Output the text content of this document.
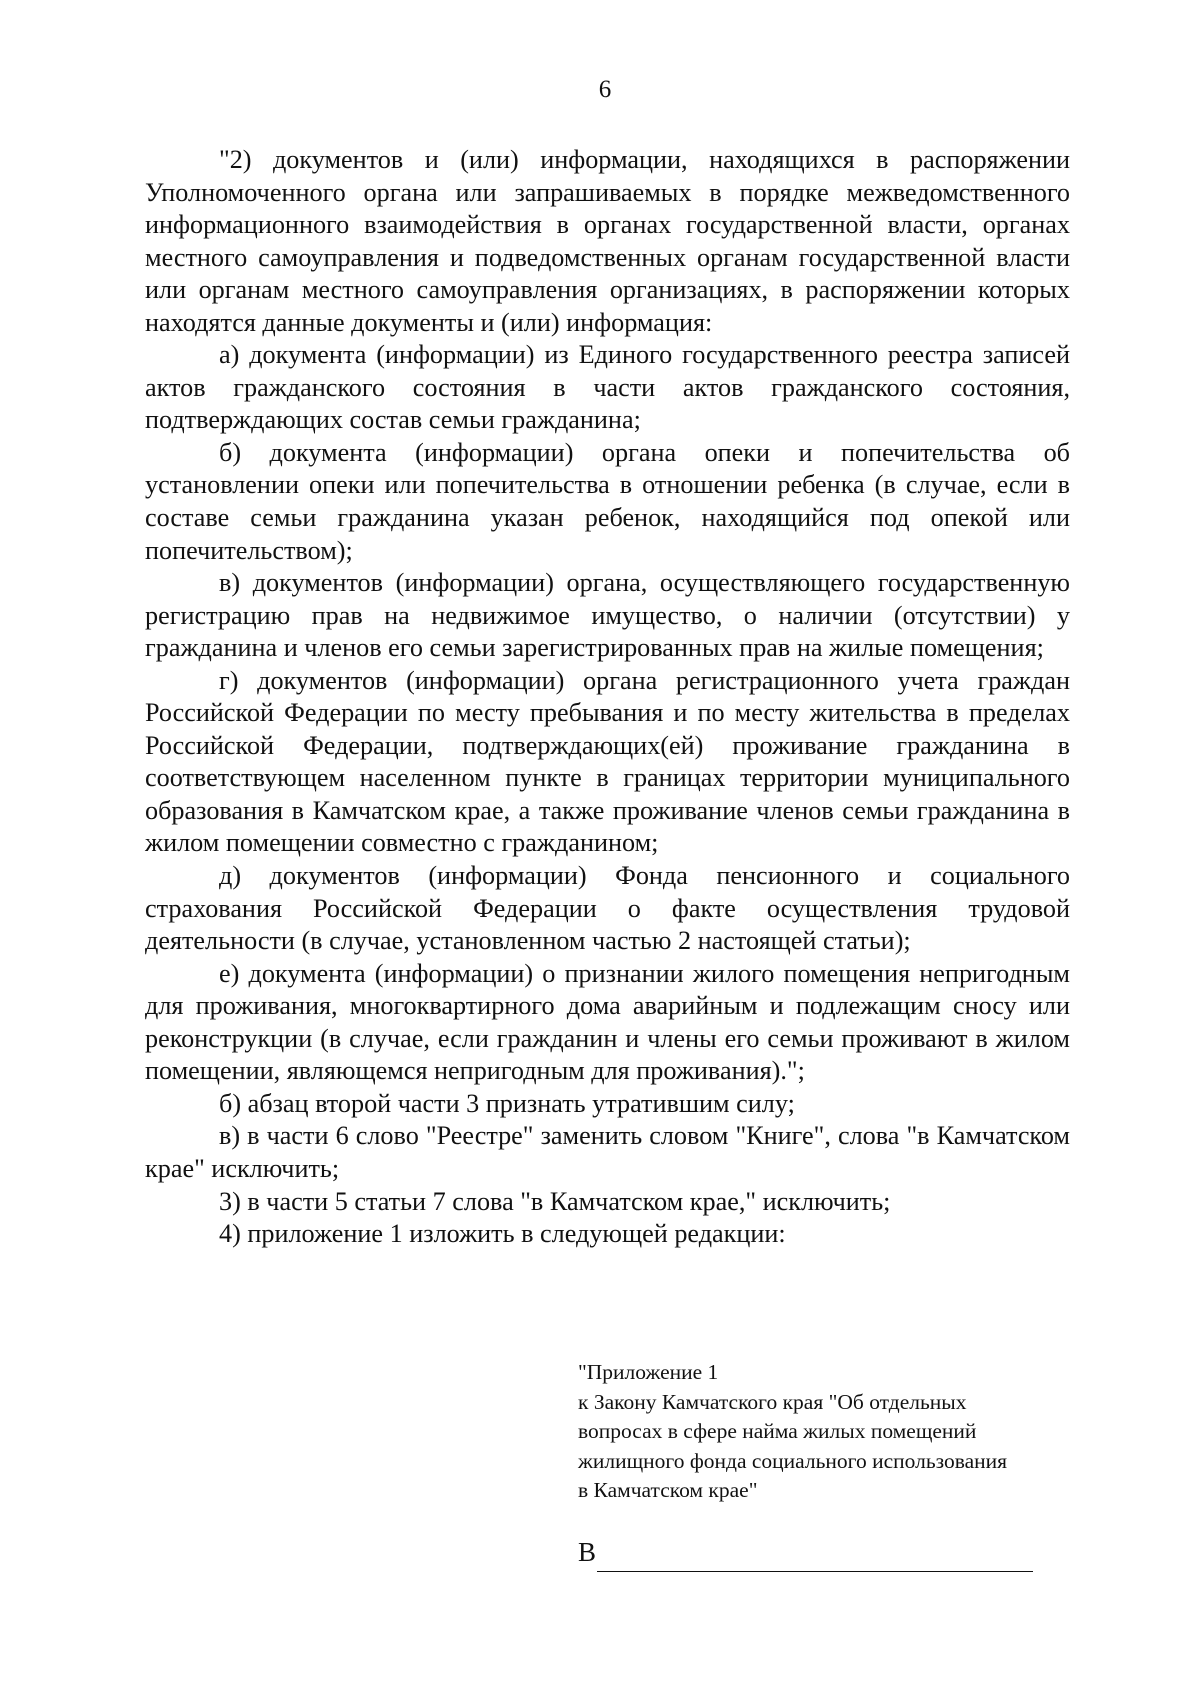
6

"2) документов и (или) информации, находящихся в распоряжении Уполномоченного органа или запрашиваемых в порядке межведомственного информационного взаимодействия в органах государственной власти, органах местного самоуправления и подведомственных органам государственной власти или органам местного самоуправления организациях, в распоряжении которых находятся данные документы и (или) информация:

а) документа (информации) из Единого государственного реестра записей актов гражданского состояния в части актов гражданского состояния, подтверждающих состав семьи гражданина;

б) документа (информации) органа опеки и попечительства об установлении опеки или попечительства в отношении ребенка (в случае, если в составе семьи гражданина указан ребенок, находящийся под опекой или попечительством);

в) документов (информации) органа, осуществляющего государственную регистрацию прав на недвижимое имущество, о наличии (отсутствии) у гражданина и членов его семьи зарегистрированных прав на жилые помещения;

г) документов (информации) органа регистрационного учета граждан Российской Федерации по месту пребывания и по месту жительства в пределах Российской Федерации, подтверждающих(ей) проживание гражданина в соответствующем населенном пункте в границах территории муниципального образования в Камчатском крае, а также проживание членов семьи гражданина в жилом помещении совместно с гражданином;

д) документов (информации) Фонда пенсионного и социального страхования Российской Федерации о факте осуществления трудовой деятельности (в случае, установленном частью 2 настоящей статьи);

е) документа (информации) о признании жилого помещения непригодным для проживания, многоквартирного дома аварийным и подлежащим сносу или реконструкции (в случае, если гражданин и члены его семьи проживают в жилом помещении, являющемся непригодным для проживания).";

б) абзац второй части 3 признать утратившим силу;

в) в части 6 слово "Реестре" заменить словом "Книге", слова "в Камчатском крае" исключить;

3) в части 5 статьи 7 слова "в Камчатском крае," исключить;

4) приложение 1 изложить в следующей редакции:

"Приложение 1
к Закону Камчатского края "Об отдельных
вопросах в сфере найма жилых помещений
жилищного фонда социального использования
в Камчатском крае"
В
